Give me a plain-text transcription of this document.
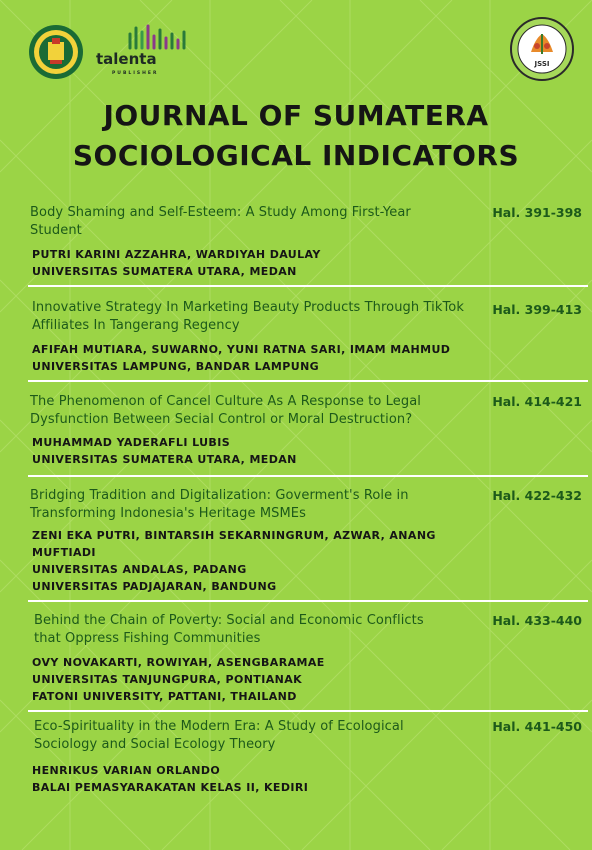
talenta
PUBLISHER
JSSI
JOURNAL OF SUMATERA
SOCIOLOGICAL INDICATORS
Body Shaming and Self-Esteem: A Study Among First-Year Student
Hal. 391-398
PUTRI KARINI AZZAHRA, WARDIYAH DAULAY
UNIVERSITAS SUMATERA UTARA, MEDAN
Innovative Strategy In Marketing Beauty Products Through TikTok Affiliates In Tangerang Regency
Hal. 399-413
AFIFAH MUTIARA, SUWARNO, YUNI RATNA SARI, IMAM MAHMUD
UNIVERSITAS LAMPUNG, BANDAR LAMPUNG
The Phenomenon of Cancel Culture As A Response to Legal Dysfunction Between Secial Control or Moral Destruction?
Hal. 414-421
MUHAMMAD YADERAFLI LUBIS
UNIVERSITAS SUMATERA UTARA, MEDAN
Bridging Tradition and Digitalization: Goverment's Role in Transforming Indonesia's Heritage MSMEs
Hal. 422-432
ZENI EKA PUTRI, BINTARSIH SEKARNINGRUM, AZWAR, ANANG MUFTIADI
UNIVERSITAS ANDALAS, PADANG
UNIVERSITAS PADJAJARAN, BANDUNG
Behind the Chain of Poverty: Social and Economic Conflicts that Oppress Fishing Communities
Hal. 433-440
OVY NOVAKARTI, ROWIYAH, ASENGBARAMAE
UNIVERSITAS TANJUNGPURA, PONTIANAK
FATONI UNIVERSITY, PATTANI, THAILAND
Eco-Spirituality in the Modern Era: A Study of Ecological Sociology and Social Ecology Theory
Hal. 441-450
HENRIKUS VARIAN ORLANDO
BALAI PEMASYARAKATAN KELAS II, KEDIRI
